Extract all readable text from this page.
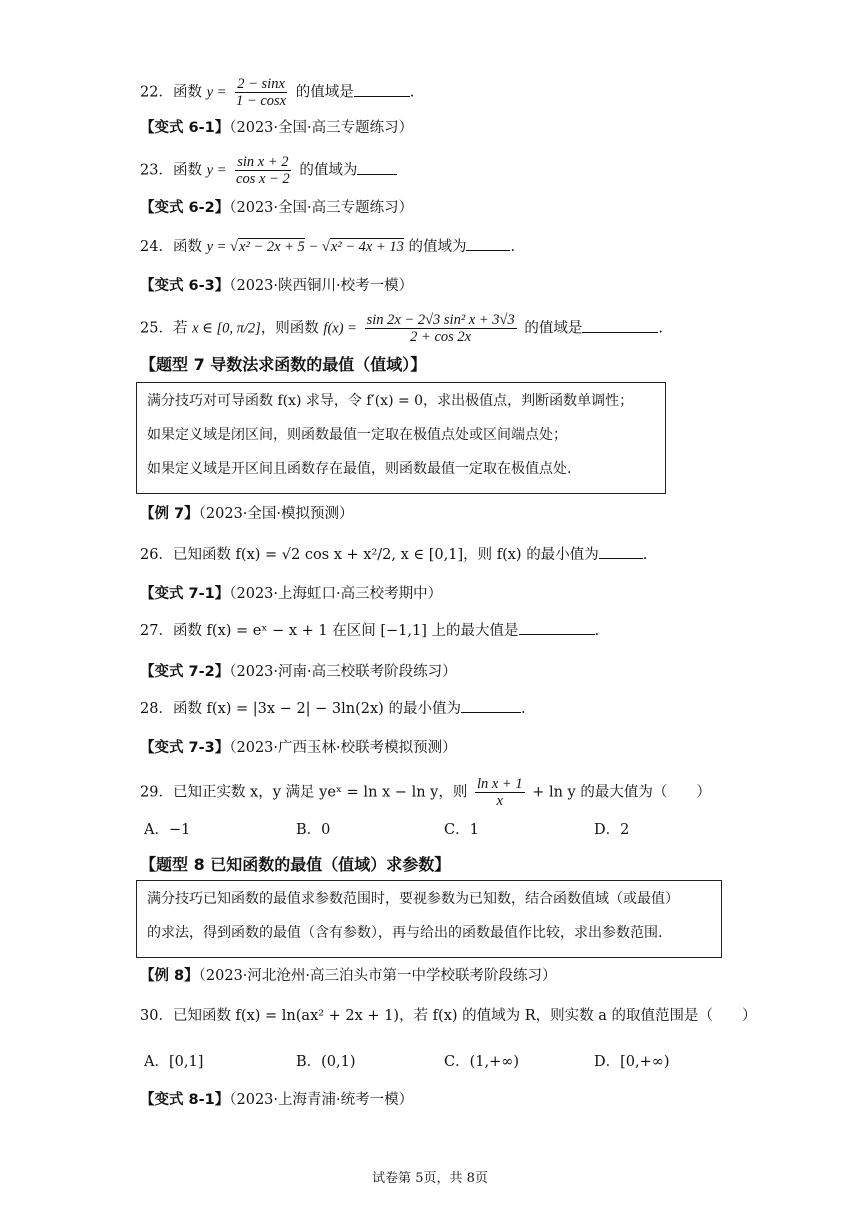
22．函数 $y = \frac{2 - \sin x}{1 - \cos x}$ 的值域是	.
【变式 6-1】（2023·全国·高三专题练习）
23．函数 $y = \frac{\text{sin x + 2}}{\text{cos x − 2}}$ 的值域为
【变式 6-2】（2023·全国·高三专题练习）
24．函数 y = √x² − 2x + 5 − √x² − 4x + 13 的值域为	.
【变式 6-3】（2023·陕西铜川·校考一模）
25．若 x ∈ [0, π/2]，则函数 $f(x) = \frac{\text{sin 2x − 2√3 sin² x + 3√3}}{2 + \cos 2x}$ 的值域是	.
【题型 7 导数法求函数的最值（值域）】

满分技巧对可导函数 f(x) 求导，令 f′(x) = 0，求出极值点，判断函数单调性；

如果定义域是闭区间，则函数最值一定取在极值点处或区间端点处；

如果定义域是开区间且函数存在最值，则函数最值一定取在极值点处.

【例 7】（2023·全国·模拟预测）
26．已知函数 f(x) = √2 cos x + x²/2, x ∈ [0,1]，则 f(x) 的最小值为	.
【变式 7-1】（2023·上海虹口·高三校考期中）
27．函数 f(x) = eˣ − x + 1 在区间 [−1,1] 上的最大值是	.
【变式 7-2】（2023·河南·高三校联考阶段练习）
28．函数 f(x) = |3x − 2| − 3ln(2x) 的最小值为	.
【变式 7-3】（2023·广西玉林·校联考模拟预测）
29．已知正实数 x，y 满足 yeˣ = ln x − ln y，则 $\frac{\text{ln x + 1}}{x} + \ln y$ 的最大值为（　　）
A．−1	B．0	C．1	D．2
【题型 8 已知函数的最值（值域）求参数】

满分技巧已知函数的最值求参数范围时，要视参数为已知数，结合函数值域（或最值）

的求法，得到函数的最值（含有参数），再与给出的函数最值作比较，求出参数范围.

【例 8】（2023·河北沧州·高三泊头市第一中学校联考阶段练习）
30．已知函数 f(x) = ln(ax² + 2x + 1)，若 f(x) 的值域为 R，则实数 a 的取值范围是（　　）
A．[0,1]	B．(0,1)	C．(1,+∞)	D．[0,+∞)
【变式 8-1】（2023·上海青浦·统考一模）
试卷第 5页，共 8页
